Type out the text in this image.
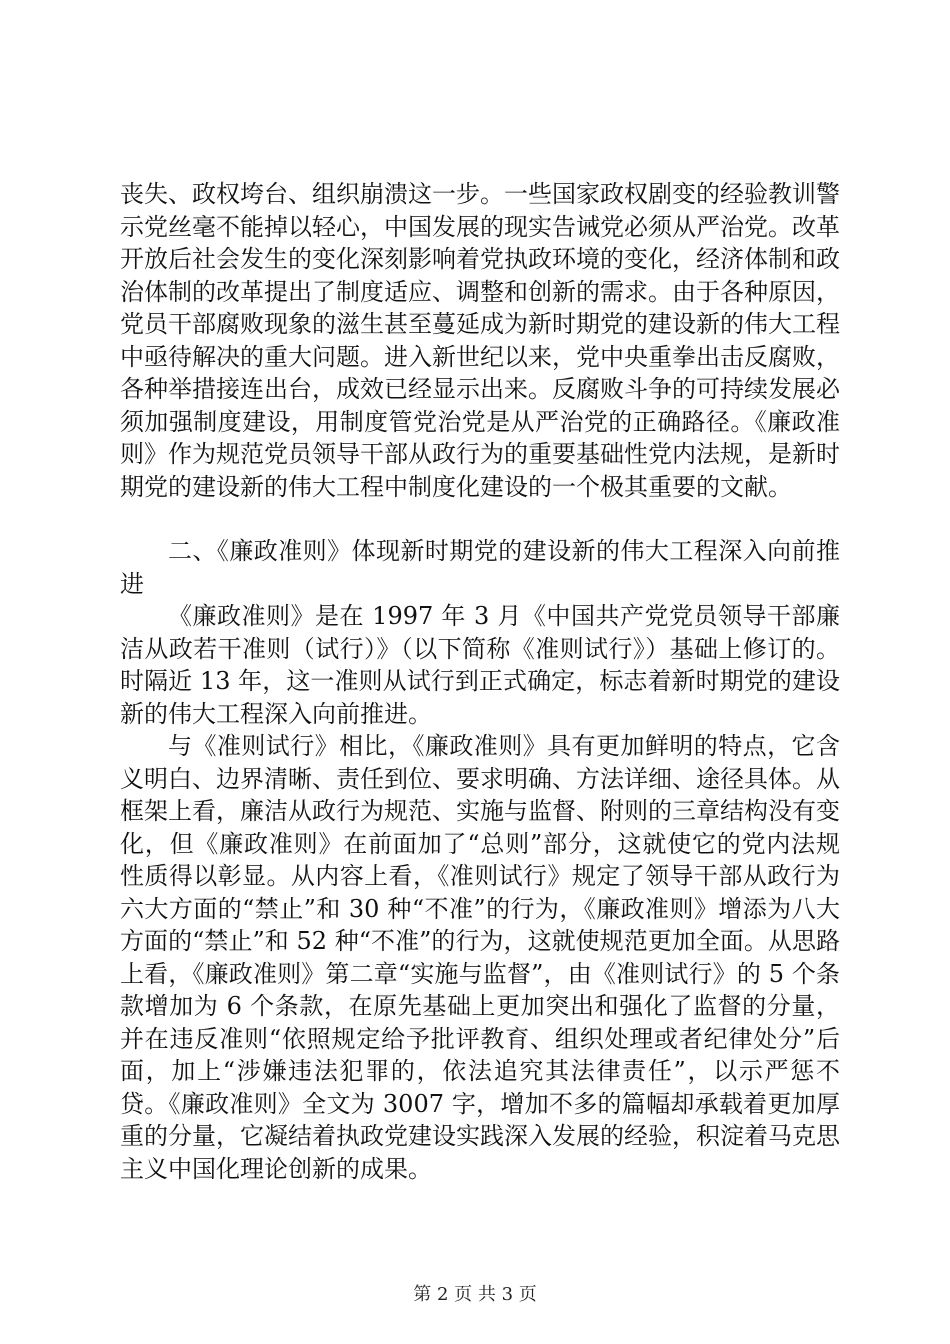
丧失、政权垮台、组织崩溃这一步。一些国家政权剧变的经验教训警示党丝毫不能掉以轻心，中国发展的现实告诫党必须从严治党。改革开放后社会发生的变化深刻影响着党执政环境的变化，经济体制和政治体制的改革提出了制度适应、调整和创新的需求。由于各种原因，党员干部腐败现象的滋生甚至蔓延成为新时期党的建设新的伟大工程中亟待解决的重大问题。进入新世纪以来，党中央重拳出击反腐败，各种举措接连出台，成效已经显示出来。反腐败斗争的可持续发展必须加强制度建设，用制度管党治党是从严治党的正确路径。《廉政准则》作为规范党员领导干部从政行为的重要基础性党内法规，是新时期党的建设新的伟大工程中制度化建设的一个极其重要的文献。

二、《廉政准则》体现新时期党的建设新的伟大工程深入向前推进

《廉政准则》是在 1997 年 3 月《中国共产党党员领导干部廉洁从政若干准则（试行）》（以下简称《准则试行》）基础上修订的。时隔近 13 年，这一准则从试行到正式确定，标志着新时期党的建设新的伟大工程深入向前推进。

与《准则试行》相比，《廉政准则》具有更加鲜明的特点，它含义明白、边界清晰、责任到位、要求明确、方法详细、途径具体。从框架上看，廉洁从政行为规范、实施与监督、附则的三章结构没有变化，但《廉政准则》在前面加了“总则”部分，这就使它的党内法规性质得以彰显。从内容上看，《准则试行》规定了领导干部从政行为六大方面的“禁止”和 30 种“不准”的行为，《廉政准则》增添为八大方面的“禁止”和 52 种“不准”的行为，这就使规范更加全面。从思路上看，《廉政准则》第二章“实施与监督”，由《准则试行》的 5 个条款增加为 6 个条款，在原先基础上更加突出和强化了监督的分量，并在违反准则“依照规定给予批评教育、组织处理或者纪律处分”后面，加上“涉嫌违法犯罪的，依法追究其法律责任”，以示严惩不贷。《廉政准则》全文为 3007 字，增加不多的篇幅却承载着更加厚重的分量，它凝结着执政党建设实践深入发展的经验，积淀着马克思主义中国化理论创新的成果。

第 2 页 共 3 页
